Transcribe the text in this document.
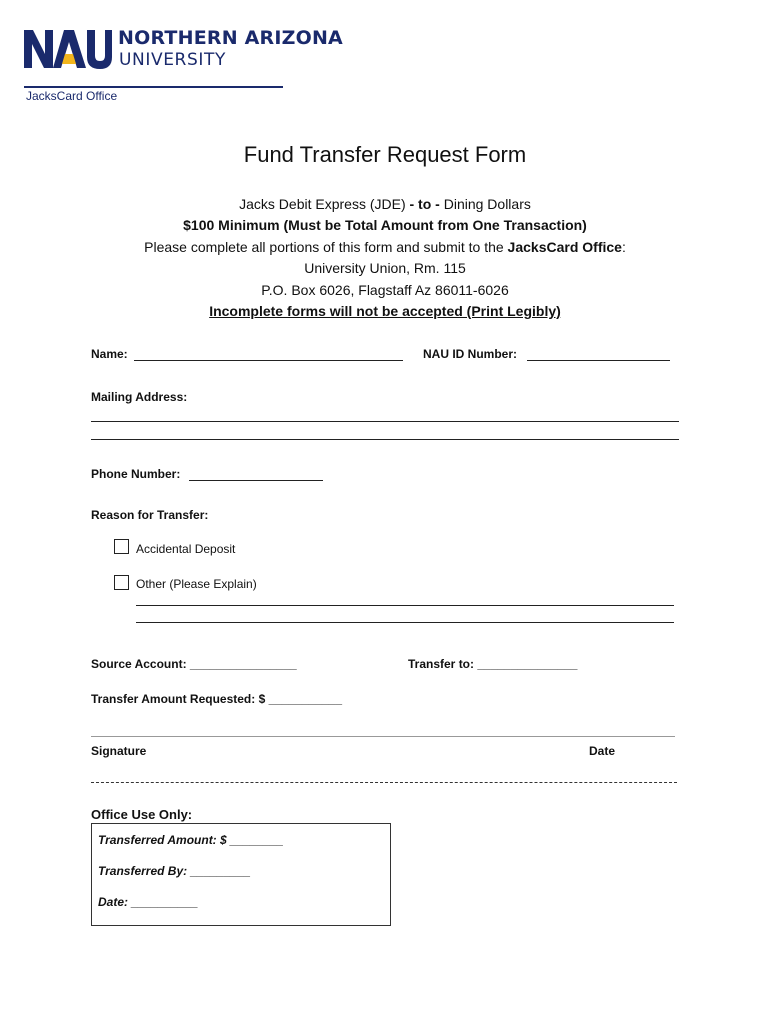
NORTHERN ARIZONA
UNIVERSITY
JacksCard Office
Fund Transfer Request Form
Jacks Debit Express (JDE) - to - Dining Dollars
$100 Minimum (Must be Total Amount from One Transaction)
Please complete all portions of this form and submit to the JacksCard Office:
University Union, Rm. 115
P.O. Box 6026, Flagstaff Az 86011-6026
Incomplete forms will not be accepted (Print Legibly)
Name:	NAU ID Number:
Mailing Address:
Phone Number:
Reason for Transfer:
Accidental Deposit
Other (Please Explain)
Source Account: ________________	Transfer to: _______________
Transfer Amount Requested: $ ___________
Signature	Date
Office Use Only:
Transferred Amount: $ ________
Transferred By: _________
Date: __________
